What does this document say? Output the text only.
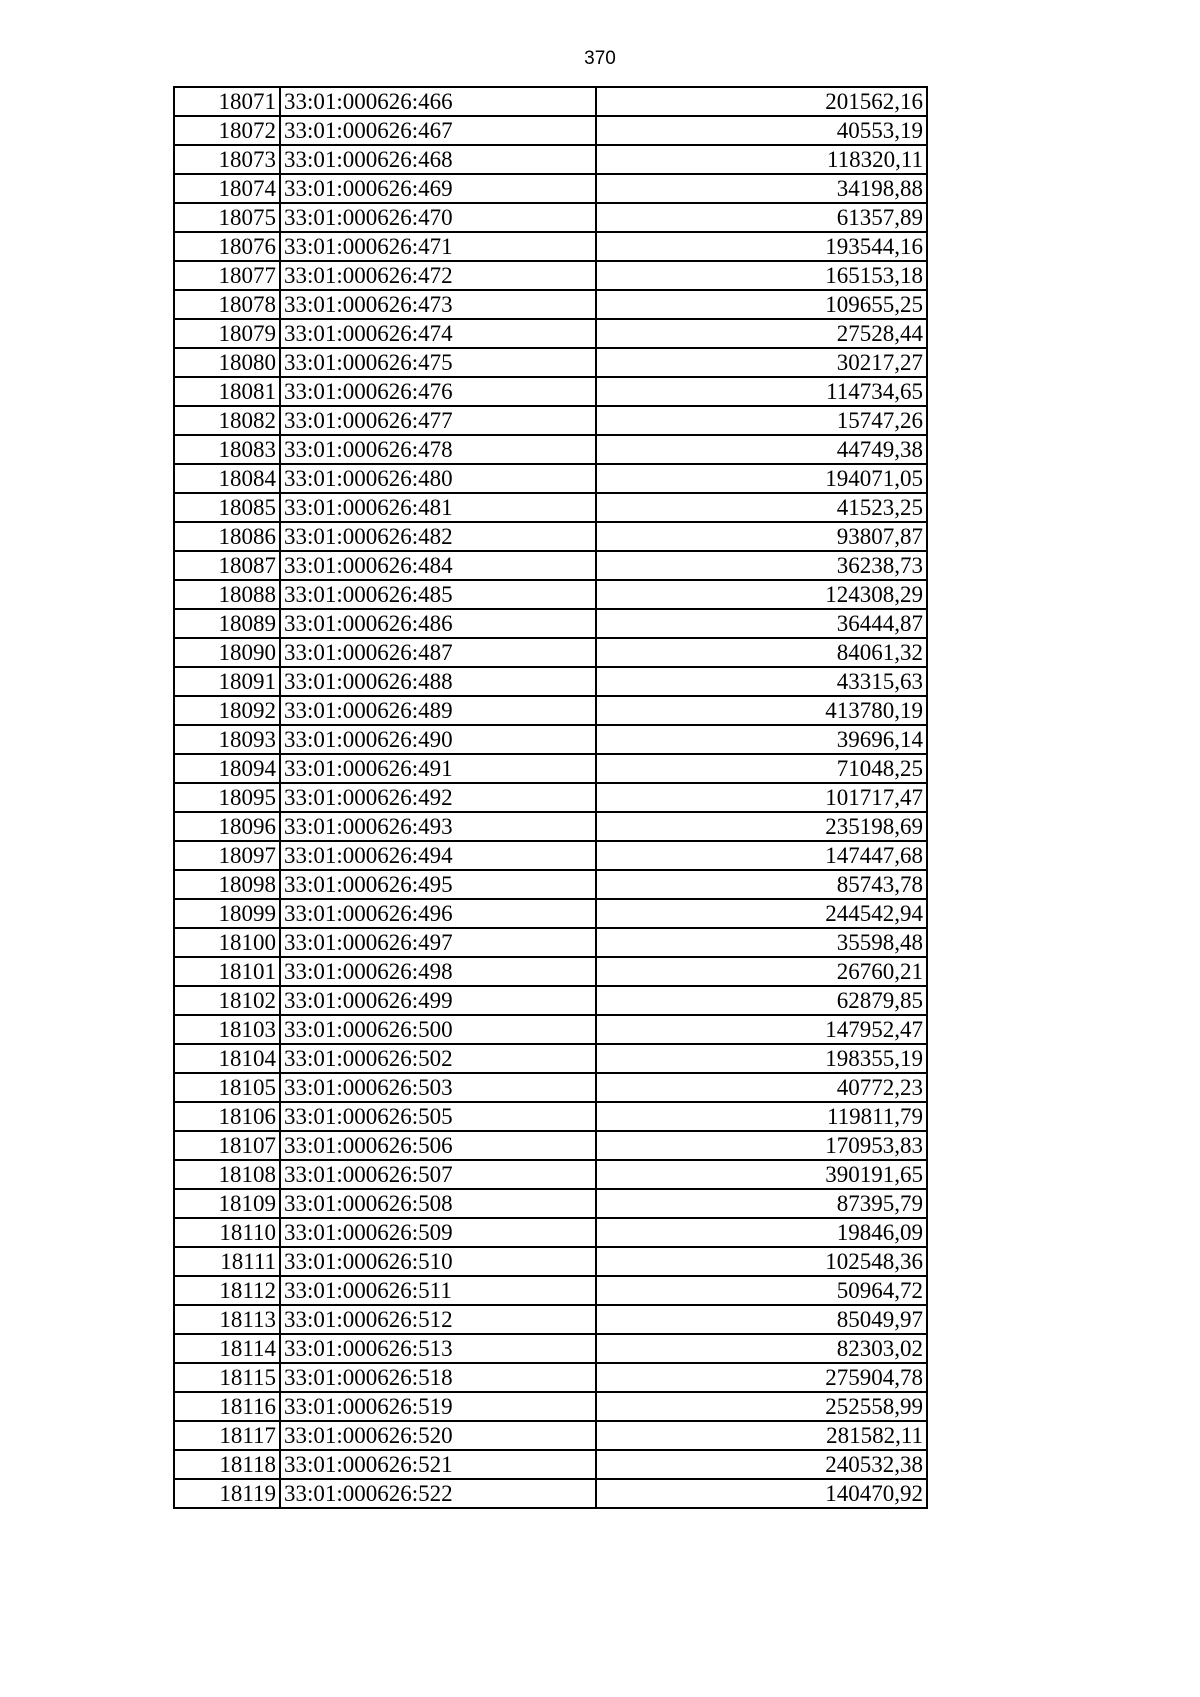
370
18071	33:01:000626:466	201562,16
18072	33:01:000626:467	40553,19
18073	33:01:000626:468	118320,11
18074	33:01:000626:469	34198,88
18075	33:01:000626:470	61357,89
18076	33:01:000626:471	193544,16
18077	33:01:000626:472	165153,18
18078	33:01:000626:473	109655,25
18079	33:01:000626:474	27528,44
18080	33:01:000626:475	30217,27
18081	33:01:000626:476	114734,65
18082	33:01:000626:477	15747,26
18083	33:01:000626:478	44749,38
18084	33:01:000626:480	194071,05
18085	33:01:000626:481	41523,25
18086	33:01:000626:482	93807,87
18087	33:01:000626:484	36238,73
18088	33:01:000626:485	124308,29
18089	33:01:000626:486	36444,87
18090	33:01:000626:487	84061,32
18091	33:01:000626:488	43315,63
18092	33:01:000626:489	413780,19
18093	33:01:000626:490	39696,14
18094	33:01:000626:491	71048,25
18095	33:01:000626:492	101717,47
18096	33:01:000626:493	235198,69
18097	33:01:000626:494	147447,68
18098	33:01:000626:495	85743,78
18099	33:01:000626:496	244542,94
18100	33:01:000626:497	35598,48
18101	33:01:000626:498	26760,21
18102	33:01:000626:499	62879,85
18103	33:01:000626:500	147952,47
18104	33:01:000626:502	198355,19
18105	33:01:000626:503	40772,23
18106	33:01:000626:505	119811,79
18107	33:01:000626:506	170953,83
18108	33:01:000626:507	390191,65
18109	33:01:000626:508	87395,79
18110	33:01:000626:509	19846,09
18111	33:01:000626:510	102548,36
18112	33:01:000626:511	50964,72
18113	33:01:000626:512	85049,97
18114	33:01:000626:513	82303,02
18115	33:01:000626:518	275904,78
18116	33:01:000626:519	252558,99
18117	33:01:000626:520	281582,11
18118	33:01:000626:521	240532,38
18119	33:01:000626:522	140470,92
